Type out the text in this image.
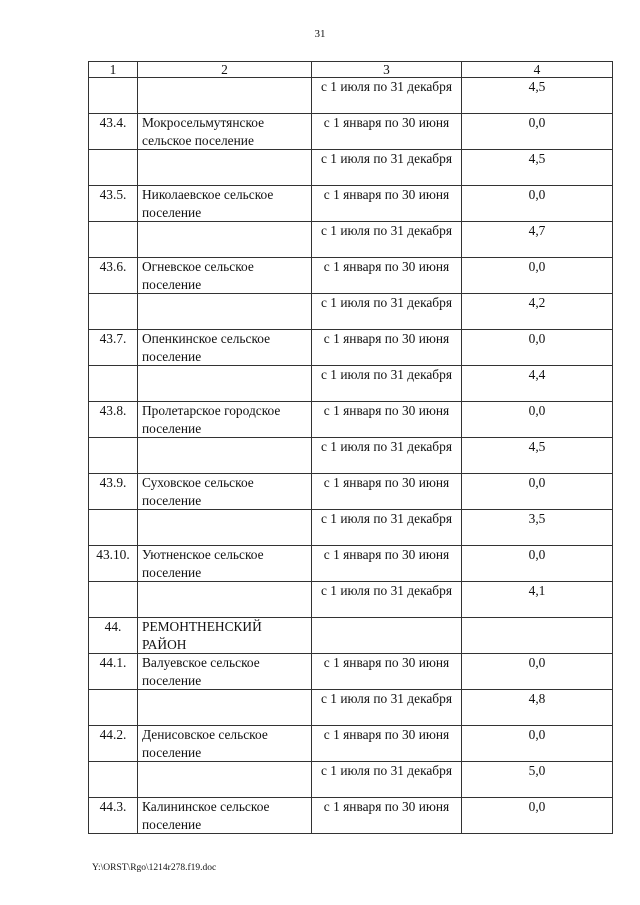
31
1	2	3	4
		с 1 июля по 31 декабря	4,5
43.4.	Мокросельмутянское сельское поселение	с 1 января по 30 июня	0,0
		с 1 июля по 31 декабря	4,5
43.5.	Николаевское сельское поселение	с 1 января по 30 июня	0,0
		с 1 июля по 31 декабря	4,7
43.6.	Огневское сельское поселение	с 1 января по 30 июня	0,0
		с 1 июля по 31 декабря	4,2
43.7.	Опенкинское сельское поселение	с 1 января по 30 июня	0,0
		с 1 июля по 31 декабря	4,4
43.8.	Пролетарское городское поселение	с 1 января по 30 июня	0,0
		с 1 июля по 31 декабря	4,5
43.9.	Суховское сельское поселение	с 1 января по 30 июня	0,0
		с 1 июля по 31 декабря	3,5
43.10.	Уютненское сельское поселение	с 1 января по 30 июня	0,0
		с 1 июля по 31 декабря	4,1
44.	РЕМОНТНЕНСКИЙ РАЙОН		
44.1.	Валуевское сельское поселение	с 1 января по 30 июня	0,0
		с 1 июля по 31 декабря	4,8
44.2.	Денисовское сельское поселение	с 1 января по 30 июня	0,0
		с 1 июля по 31 декабря	5,0
44.3.	Калининское сельское поселение	с 1 января по 30 июня	0,0
Y:\ORST\Rgo\1214r278.f19.doc
